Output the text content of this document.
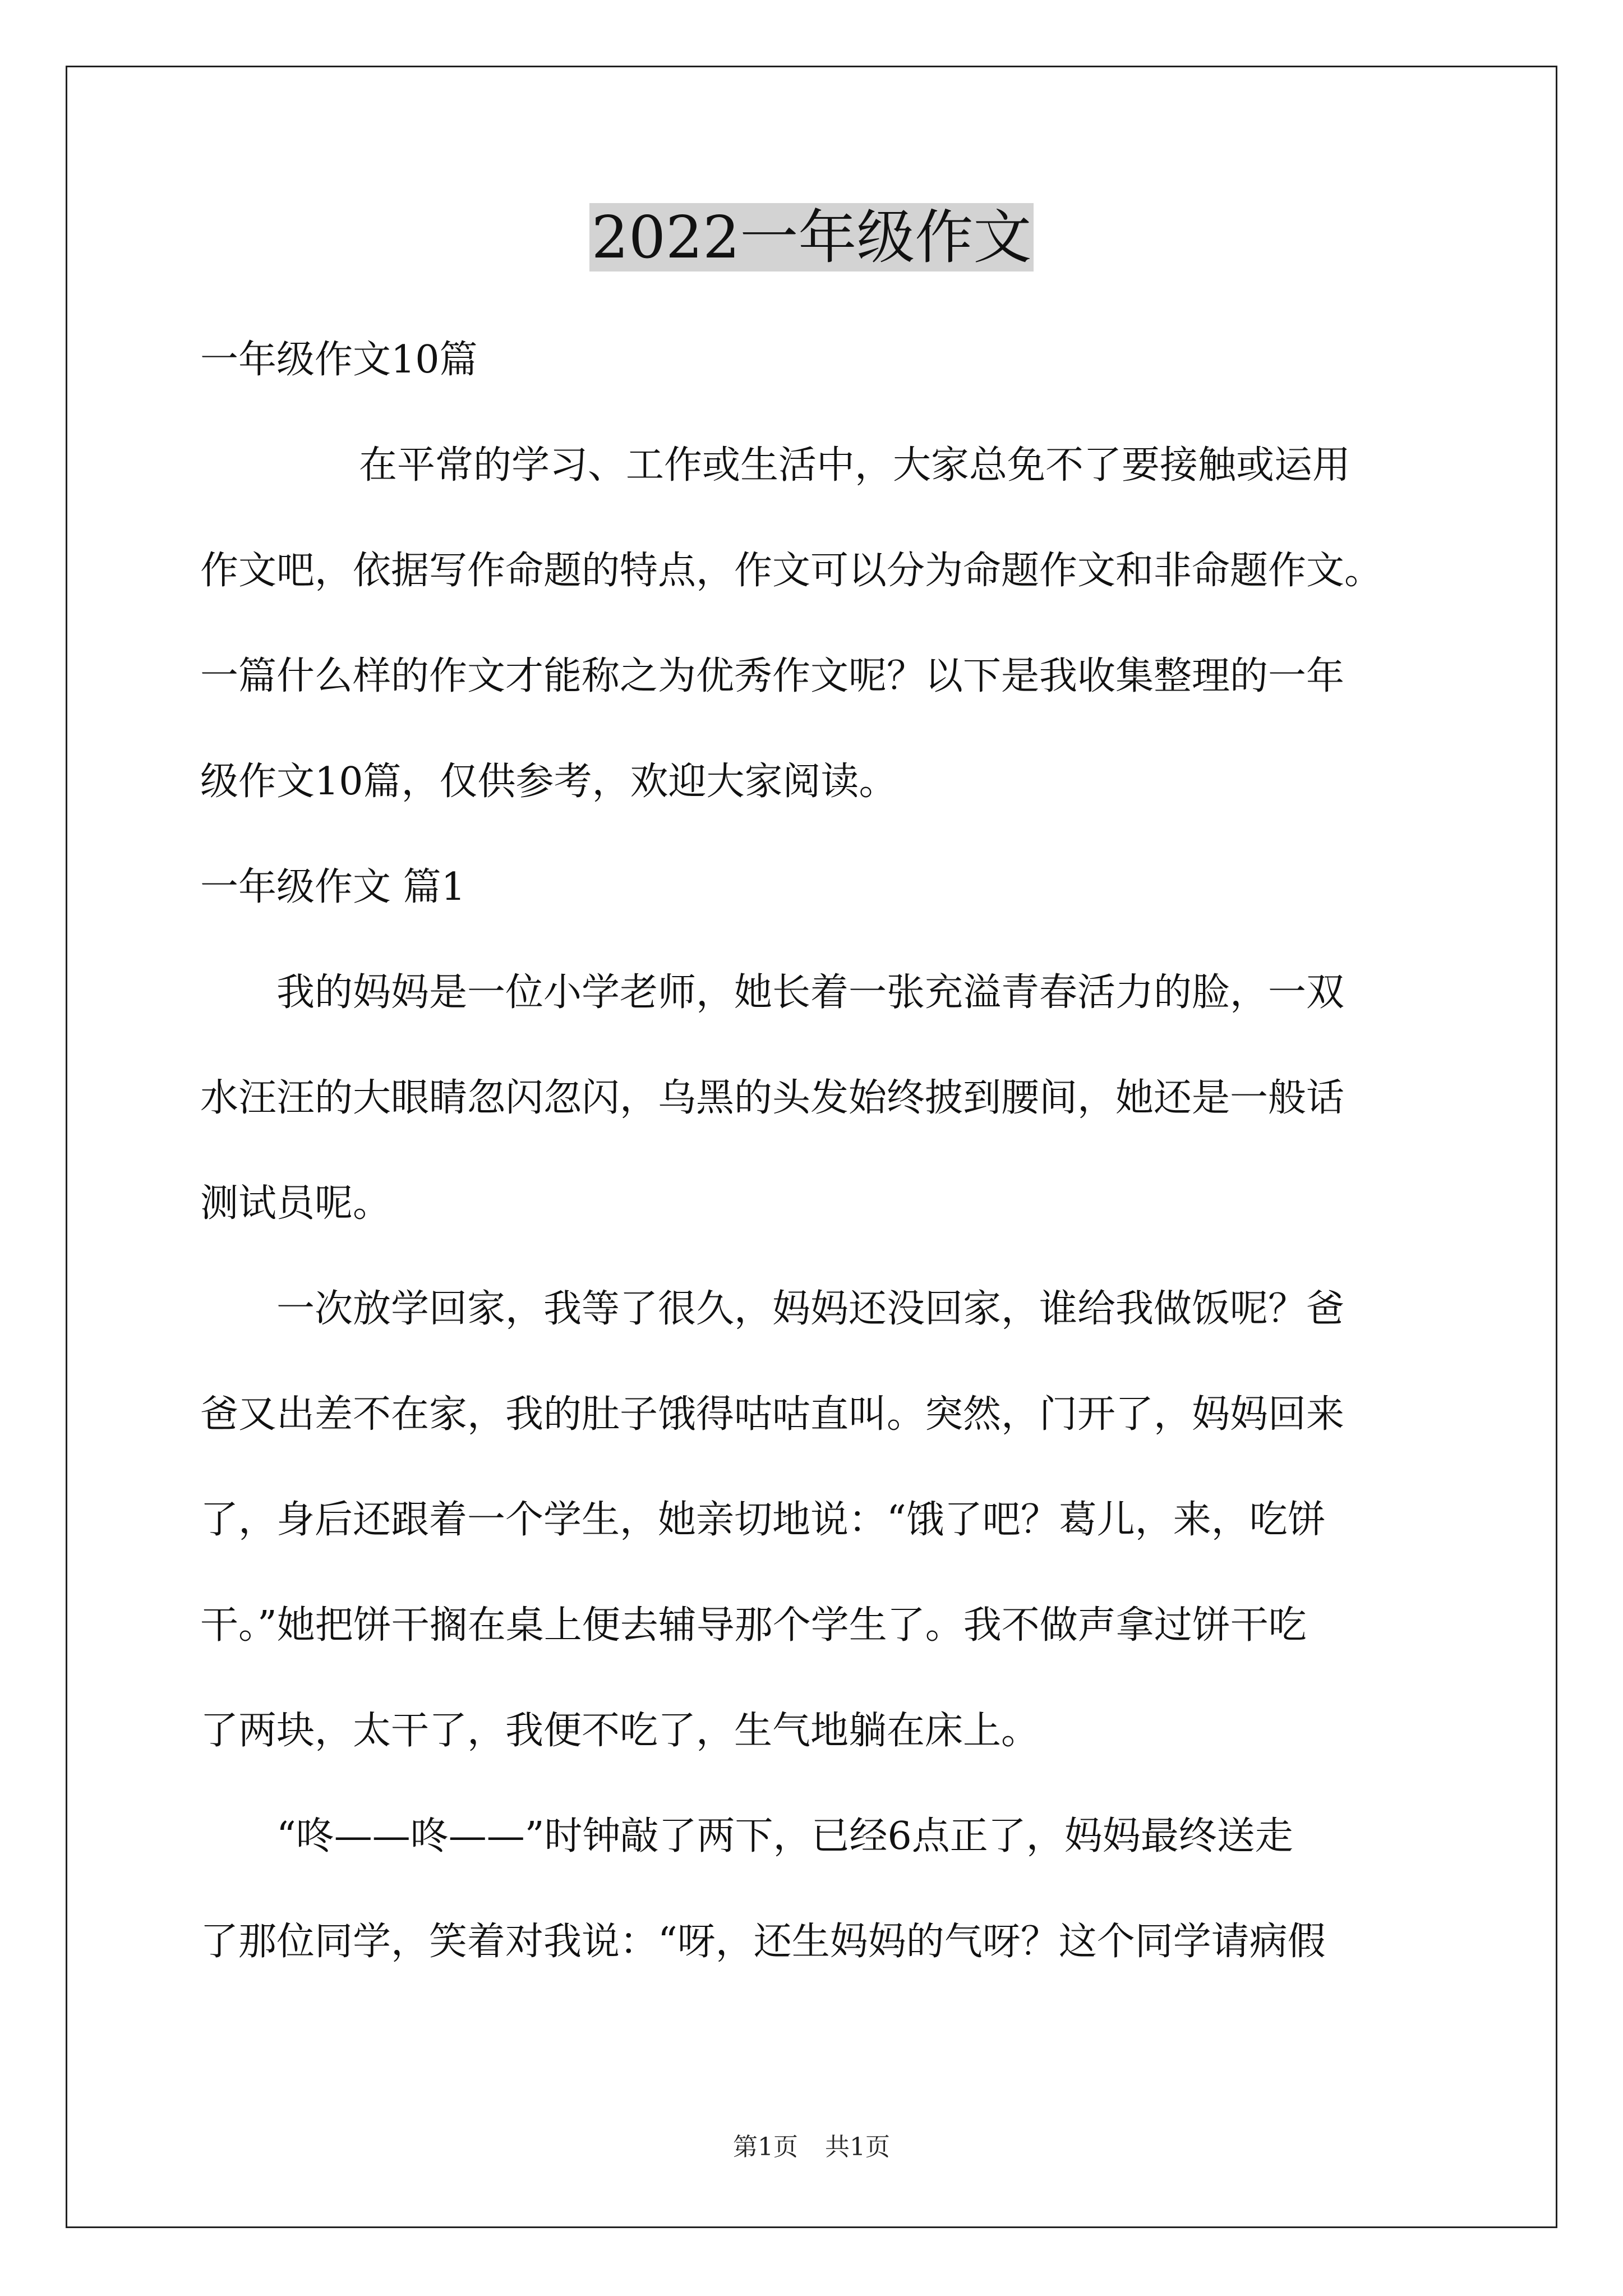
2022一年级作文

一年级作文10篇

在平常的学习、工作或生活中，大家总免不了要接触或运用

作文吧，依据写作命题的特点，作文可以分为命题作文和非命题作文。

一篇什么样的作文才能称之为优秀作文呢？以下是我收集整理的一年

级作文10篇，仅供参考，欢迎大家阅读。

一年级作文 篇1

我的妈妈是一位小学老师，她长着一张充溢青春活力的脸，一双

水汪汪的大眼睛忽闪忽闪，乌黑的头发始终披到腰间，她还是一般话

测试员呢。

一次放学回家，我等了很久，妈妈还没回家，谁给我做饭呢？爸

爸又出差不在家，我的肚子饿得咕咕直叫。突然，门开了，妈妈回来

了，身后还跟着一个学生，她亲切地说：“饿了吧？葛儿，来，吃饼

干。”她把饼干搁在桌上便去辅导那个学生了。我不做声拿过饼干吃

了两块，太干了，我便不吃了，生气地躺在床上。

“咚——咚——”时钟敲了两下，已经6点正了，妈妈最终送走

了那位同学，笑着对我说：“呀，还生妈妈的气呀？这个同学请病假

第1页 共1页
